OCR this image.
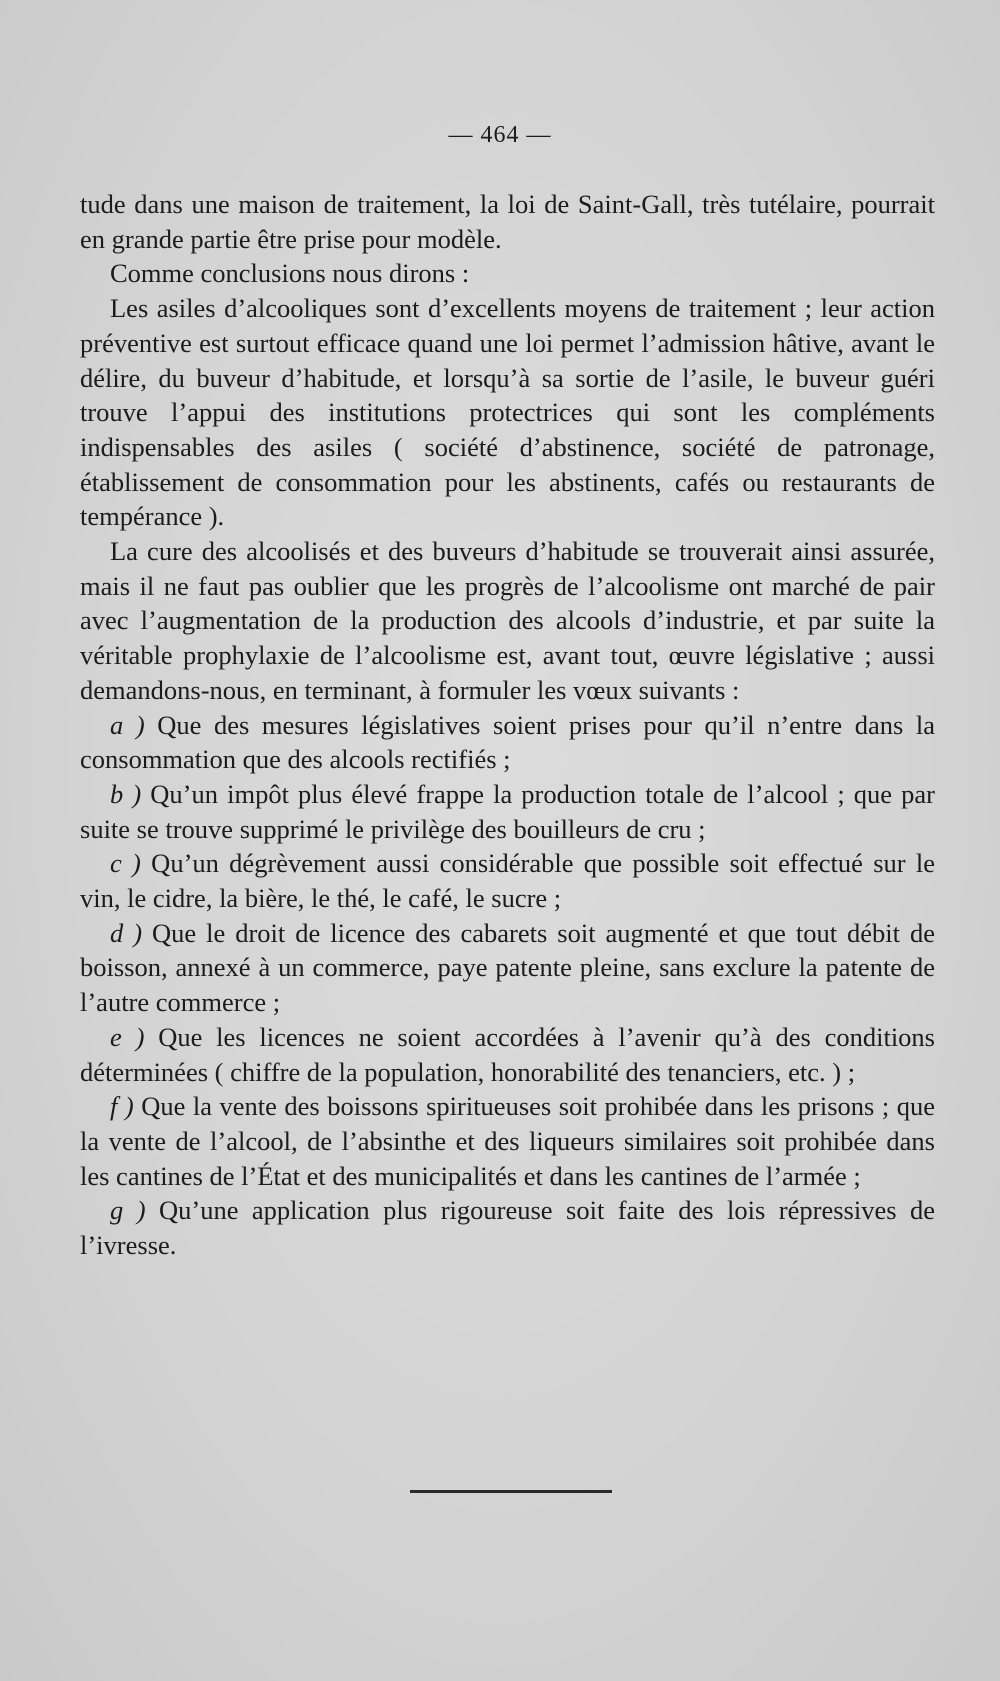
— 464 —

tude dans une maison de traitement, la loi de Saint-Gall, très tutélaire, pourrait en grande partie être prise pour modèle.

Comme conclusions nous dirons :

Les asiles d’alcooliques sont d’excellents moyens de traitement ; leur action préventive est surtout efficace quand une loi permet l’admission hâtive, avant le délire, du buveur d’habitude, et lorsqu’à sa sortie de l’asile, le buveur guéri trouve l’appui des institutions protectrices qui sont les compléments indispensables des asiles ( société d’abstinence, société de patronage, établissement de consommation pour les abstinents, cafés ou restaurants de tempérance ).

La cure des alcoolisés et des buveurs d’habitude se trouverait ainsi assurée, mais il ne faut pas oublier que les progrès de l’alcoolisme ont marché de pair avec l’augmentation de la production des alcools d’industrie, et par suite la véritable prophylaxie de l’alcoolisme est, avant tout, œuvre législative ; aussi demandons-nous, en terminant, à formuler les vœux suivants :

a ) Que des mesures législatives soient prises pour qu’il n’entre dans la consommation que des alcools rectifiés ;

b ) Qu’un impôt plus élevé frappe la production totale de l’alcool ; que par suite se trouve supprimé le privilège des bouilleurs de cru ;

c ) Qu’un dégrèvement aussi considérable que possible soit effectué sur le vin, le cidre, la bière, le thé, le café, le sucre ;

d ) Que le droit de licence des cabarets soit augmenté et que tout débit de boisson, annexé à un commerce, paye patente pleine, sans exclure la patente de l’autre commerce ;

e ) Que les licences ne soient accordées à l’avenir qu’à des conditions déterminées ( chiffre de la population, honorabilité des tenanciers, etc. ) ;

f ) Que la vente des boissons spiritueuses soit prohibée dans les prisons ; que la vente de l’alcool, de l’absinthe et des liqueurs similaires soit prohibée dans les cantines de l’État et des municipalités et dans les cantines de l’armée ;

g ) Qu’une application plus rigoureuse soit faite des lois répressives de l’ivresse.
